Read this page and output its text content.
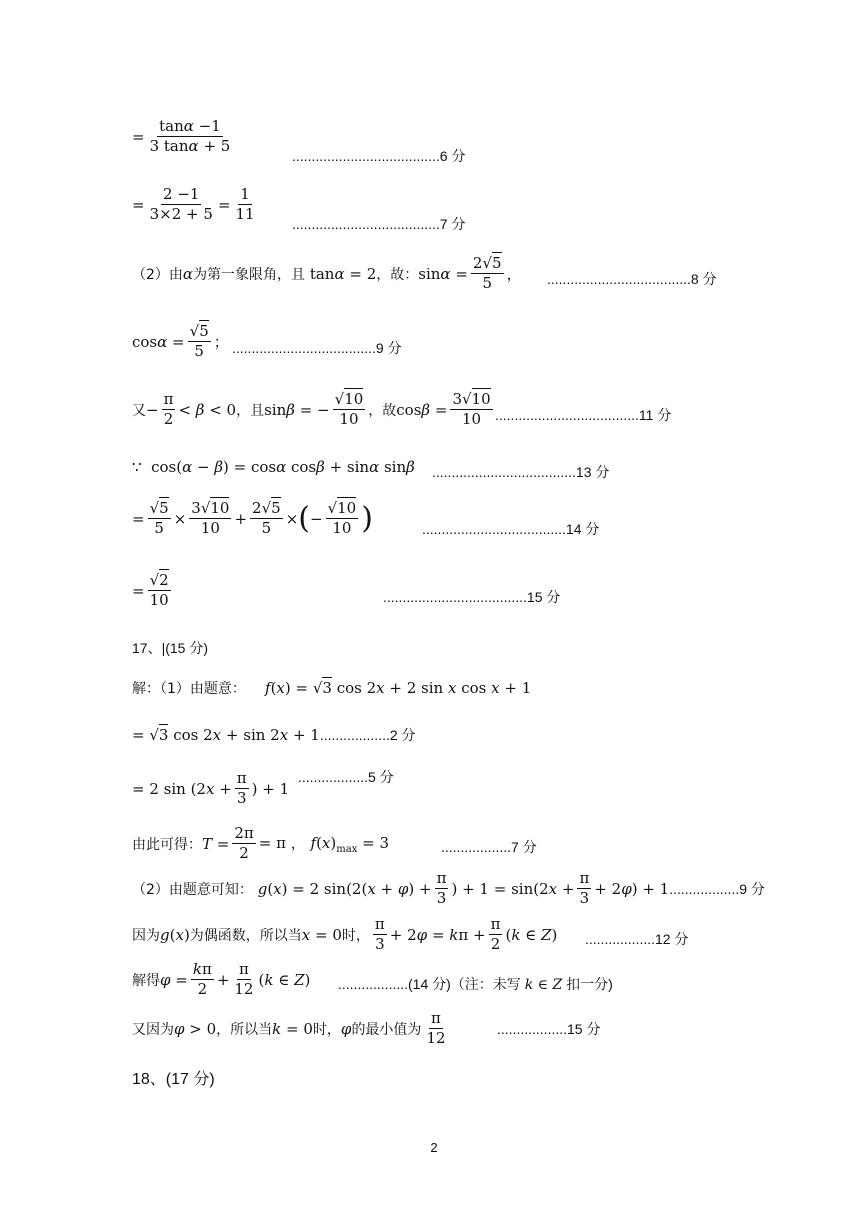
= $\frac{\tan\alpha -1}{3 \tan\alpha + 5}$
......................................6 分
= $\frac{2 -1}{3\times 2 + 5} = \frac{1}{11}$
......................................7 分
（2）由 α 为第一象限角，且 tanα = 2 ，故： $\sin\alpha = \frac{2√5}{5}$ ， .....................................8 分
$\cos\alpha = \frac{√5}{5}$ ； .....................................9 分
又 − $\frac{\pi}{2} < \beta < 0$ ，且 sinβ = − $\frac{√10}{10}$ ，故 $\cos\beta = \frac{3√10}{10} .....................................11$ 分
∵ cos(α − β) = cosα cosβ + sinα sinβ .....................................13 分
= $\frac{√5}{5} \times \frac{3√10}{10} + \frac{2√5}{5}$ × ( − $\frac{√10}{10}$ )	.....................................14 分
= $\frac{√2}{10}$	.....................................15 分
17、|(15 分)
解：（1）由题意：	f(x) = √3 cos 2x + 2 sin x cos x + 1
= √3 cos 2x + sin 2x + 1 ..................2 分
= 2 $\sin (2x + \frac{\pi}{3}$ ) + 1
..................5 分
由此可得： $T = \frac{2\pi}{2} = \pi$ ， $f(x)_{max} = 3$	..................7 分
（2）由题意可知： g(x) = 2 $\sin(2(x + \varphi) + \frac{\pi}{3}$ ) + $1 = \sin(2x + \frac{\pi}{3} + 2\varphi) + 1$ ..................9 分
因为 g(x) 为偶函数，所以当 x = 0 时， $\frac{\pi}{3} + 2\varphi = k\pi + \frac{\pi}{2} (k$ ∈ Z) ..................12 分
解得 $\varphi = \frac{k\pi}{2} + \frac{\pi}{12} (k$ ∈ Z) ..................(14 分)（注：未写 k ∈ Z 扣一分)
又因为 φ > 0 ，所以当 k = 0 时， φ 的最小值为 $\frac{\pi}{12}$	..................15 分
18、(17 分)
2
